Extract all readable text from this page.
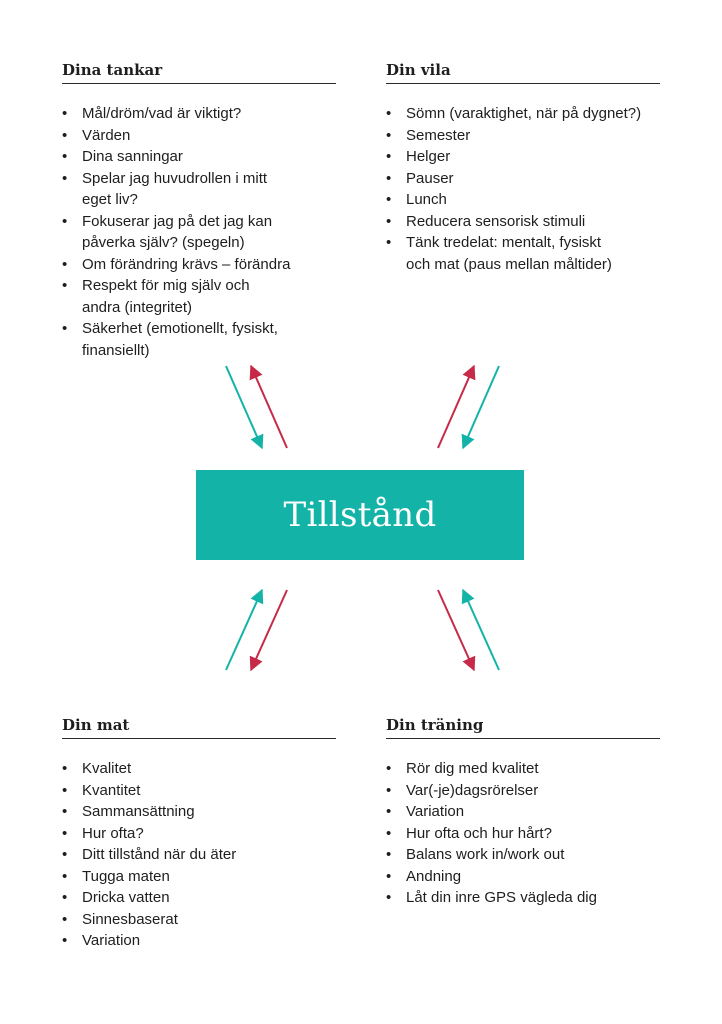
Dina tankar
• Mål/dröm/vad är viktigt?
• Värden
• Dina sanningar
• Spelar jag huvudrollen i mitt
eget liv?
• Fokuserar jag på det jag kan
påverka själv? (spegeln)
• Om förändring krävs – förändra
• Respekt för mig själv och
andra (integritet)
• Säkerhet (emotionellt, fysiskt,
finansiellt)
Din vila
• Sömn (varaktighet, när på dygnet?)
• Semester
• Helger
• Pauser
• Lunch
• Reducera sensorisk stimuli
• Tänk tredelat: mentalt, fysiskt
och mat (paus mellan måltider)
Tillstånd
Din mat
• Kvalitet
• Kvantitet
• Sammansättning
• Hur ofta?
• Ditt tillstånd när du äter
• Tugga maten
• Dricka vatten
• Sinnesbaserat
• Variation
Din träning
• Rör dig med kvalitet
• Var(-je)dagsrörelser
• Variation
• Hur ofta och hur hårt?
• Balans work in/work out
• Andning
• Låt din inre GPS vägleda dig
